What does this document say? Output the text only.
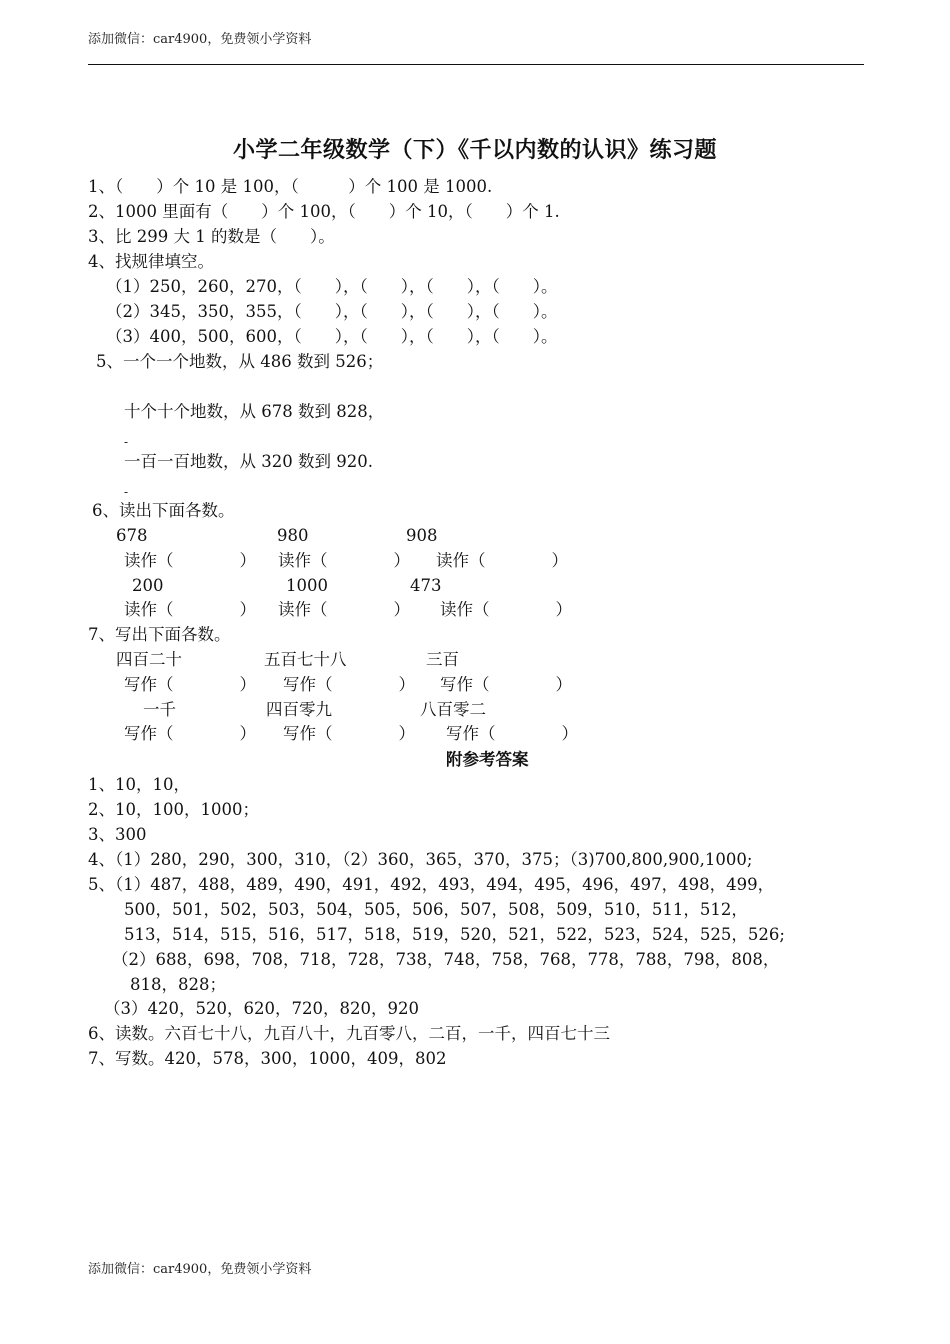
添加微信：car4900，免费领小学资料
小学二年级数学（下）《千以内数的认识》练习题
1、（　　）个 10 是 100，（　　　）个 100 是 1000.
2、1000 里面有（　　）个 100，（　　）个 10，（　　）个 1.
3、比 299 大 1 的数是（　　）。
4、找规律填空。
（1）250，260，270，（　　），（　　），（　　），（　　）。
（2）345，350，355，（　　），（　　），（　　），（　　）。
（3）400，500，600，（　　），（　　），（　　），（　　）。
5、一个一个地数，从 486 数到 526；
十个十个地数，从 678 数到 828，
-
一百一百地数，从 320 数到 920.
-
6、读出下面各数。
678	980	908
读作（　　　　） 读作（　　　　） 读作（　　　　）
200	1000	473
读作（　　　　） 读作（　　　　） 读作（　　　　）
7、写出下面各数。
四百二十	五百七十八	三百
写作（　　　　） 写作（　　　　） 写作（　　　　）
一千	四百零九	八百零二
写作（　　　　） 写作（　　　　） 写作（　　　　）
附参考答案
1、10，10，
2、10，100，1000；
3、300
4、（1）280，290，300，310，（2）360，365，370，375；（3)700,800,900,1000;
5、（1）487，488，489，490，491，492，493，494，495，496，497，498，499，
500，501，502，503，504，505，506，507，508，509，510，511，512，
513，514，515，516，517，518，519，520，521，522，523，524，525，526;
（2）688，698，708，718，728，738，748，758，768，778，788，798，808，
818，828；
（3）420，520，620，720，820，920
6、读数。六百七十八，九百八十，九百零八，二百，一千，四百七十三
7、写数。420，578，300，1000，409，802
添加微信：car4900，免费领小学资料
